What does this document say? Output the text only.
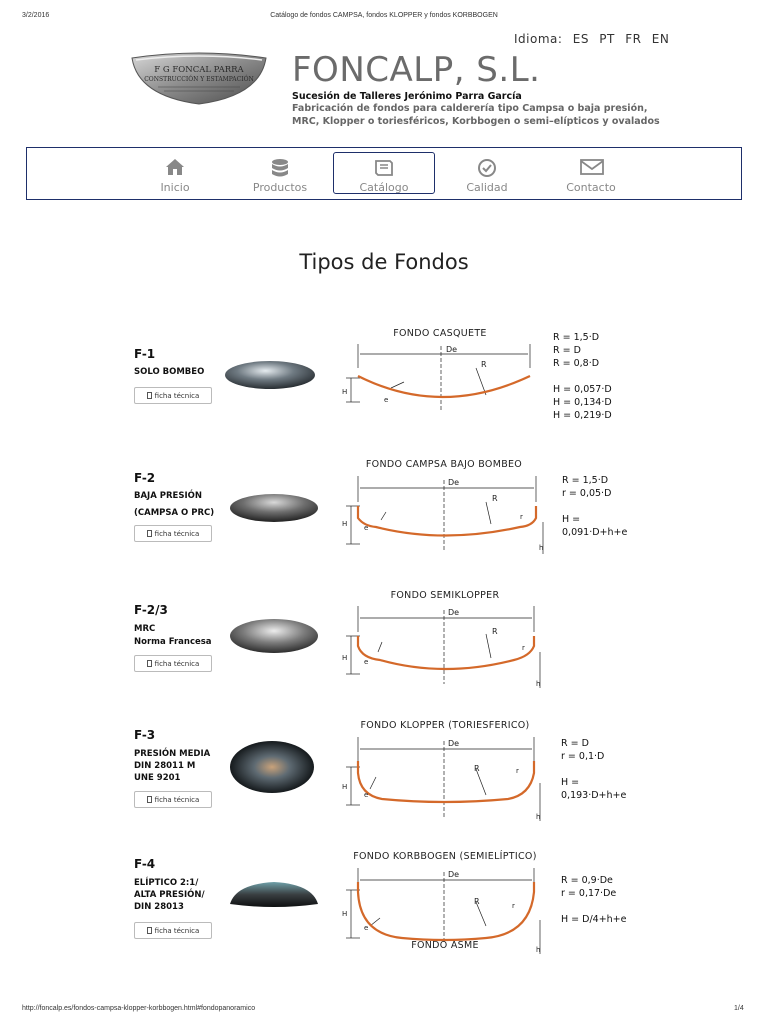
3/2/2016	Catálogo de fondos CAMPSA, fondos KLOPPER y fondos KORBBOGEN
Idioma: ES PT FR EN
F G FONCAL PARRA
CONSTRUCCIÓN Y ESTAMPACIÓN FONCALP, S.L.
Sucesión de Talleres Jerónimo Parra García
Fabricación de fondos para calderería tipo Campsa o baja presión, MRC, Klopper o toriesféricos, Korbbogen o semi–elípticos y ovalados
Inicio	Productos	Catálogo	Calidad	Contacto
Tipos de Fondos
F-1
SOLO BOMBEO
ficha técnica
FONDO CASQUETE
De
R
H
e
R = 1,5·D
R = D
R = 0,8·D
H = 0,057·D
H = 0,134·D
H = 0,219·D
F-2
BAJA PRESIÓN
(CAMPSA O PRC)
ficha técnica
FONDO CAMPSA BAJO BOMBEO
De
R
r
H e
h
R = 1,5·D
r = 0,05·D
H =
0,091·D+h+e
F-2/3
MRC
Norma Francesa
ficha técnica
FONDO SEMIKLOPPER
De
R
r
H e
h
F-3
PRESIÓN MEDIA
DIN 28011 M
UNE 9201
ficha técnica
FONDO KLOPPER (TORIESFERICO)
De
R	r
H
e
h
R = D
r = 0,1·D
H =
0,193·D+h+e
F-4
ELÍPTICO 2:1/
ALTA PRESIÓN/
DIN 28013
ficha técnica
FONDO KORBBOGEN (SEMIELÍPTICO)
De
R	r
H
e
h
FONDO ASME
R = 0,9·De
r = 0,17·De
H = D/4+h+e
http://foncalp.es/fondos-campsa-klopper-korbbogen.html#fondopanoramico	1/4
